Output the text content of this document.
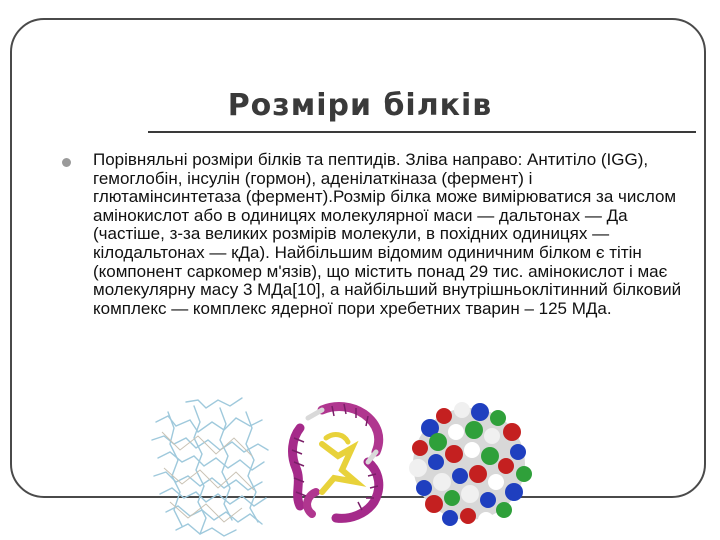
Розміри білків

Порівняльні розміри білків та пептидів. Зліва направо: Антитіло (IGG), гемоглобін, інсулін (гормон), аденілаткіназа (фермент) і глютамінсинтетаза (фермент).Розмір білка може вимірюватися за числом амінокислот або в одиницях молекулярної маси — дальтонах — Да (частіше, з-за великих розмірів молекули, в похідних одиницях — кілодальтонах — кДа). Найбільшим відомим одиничним білком є тітін (компонент саркомер м'язів), що містить понад 29 тис. амінокислот і має молекулярну масу 3 МДа[10], а найбільший внутрішньоклітинний білковий комплекс — комплекс ядерної пори хребетних тварин – 125 МДа.
